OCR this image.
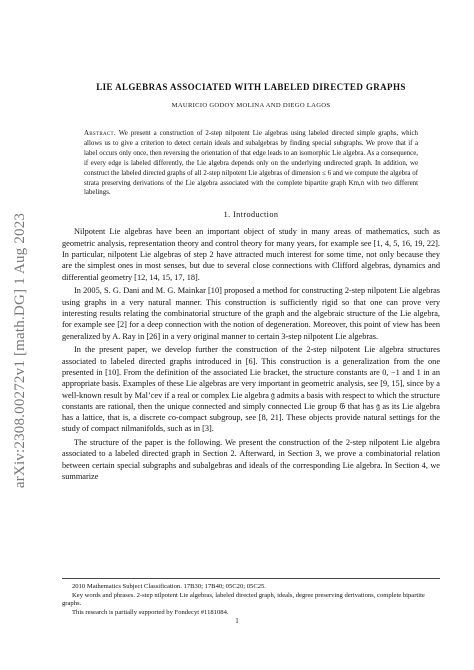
arXiv:2308.00272v1 [math.DG] 1 Aug 2023
LIE ALGEBRAS ASSOCIATED WITH LABELED DIRECTED GRAPHS
MAURICIO GODOY MOLINA AND DIEGO LAGOS
Abstract. We present a construction of 2-step nilpotent Lie algebras using labeled directed simple graphs, which allows us to give a criterion to detect certain ideals and subalgebras by finding special subgraphs. We prove that if a label occurs only once, then reversing the orientation of that edge leads to an isomorphic Lie algebra. As a consequence, if every edge is labeled differently, the Lie algebra depends only on the underlying undirected graph. In addition, we construct the labeled directed graphs of all 2-step nilpotent Lie algebras of dimension ≤ 6 and we compute the algebra of strata preserving derivations of the Lie algebra associated with the complete bipartite graph Km,n with two different labelings.
1. Introduction

Nilpotent Lie algebras have been an important object of study in many areas of mathematics, such as geometric analysis, representation theory and control theory for many years, for example see [1, 4, 5, 16, 19, 22]. In particular, nilpotent Lie algebras of step 2 have attracted much interest for some time, not only because they are the simplest ones in most senses, but due to several close connections with Clifford algebras, dynamics and differential geometry [12, 14, 15, 17, 18].

In 2005, S. G. Dani and M. G. Mainkar [10] proposed a method for constructing 2-step nilpotent Lie algebras using graphs in a very natural manner. This construction is sufficiently rigid so that one can prove very interesting results relating the combinatorial structure of the graph and the algebraic structure of the Lie algebra, for example see [2] for a deep connection with the notion of degeneration. Moreover, this point of view has been generalized by A. Ray in [26] in a very original manner to certain 3-step nilpotent Lie algebras.

In the present paper, we develop further the construction of the 2-step nilpotent Lie algebra structures associated to labeled directed graphs introduced in [6]. This construction is a generalization from the one presented in [10]. From the definition of the associated Lie bracket, the structure constants are 0, −1 and 1 in an appropriate basis. Examples of these Lie algebras are very important in geometric analysis, see [9, 15], since by a well-known result by Mal’cev if a real or complex Lie algebra 𝔤 admits a basis with respect to which the structure constants are rational, then the unique connected and simply connected Lie group 𝔊 that has 𝔤 as its Lie algebra has a lattice, that is, a discrete co-compact subgroup, see [8, 21]. These objects provide natural settings for the study of compact nilmanifolds, such as in [3].

The structure of the paper is the following. We present the construction of the 2-step nilpotent Lie algebra associated to a labeled directed graph in Section 2. Afterward, in Section 3, we prove a combinatorial relation between certain special subgraphs and subalgebras and ideals of the corresponding Lie algebra. In Section 4, we summarize

2010 Mathematics Subject Classification. 17B30; 17B40; 05C20; 05C25.

Key words and phrases. 2-step nilpotent Lie algebras, labeled directed graph, ideals, degree preserving derivations, complete bipartite graphs.

This research is partially supported by Fondecyt #1181084.

1
